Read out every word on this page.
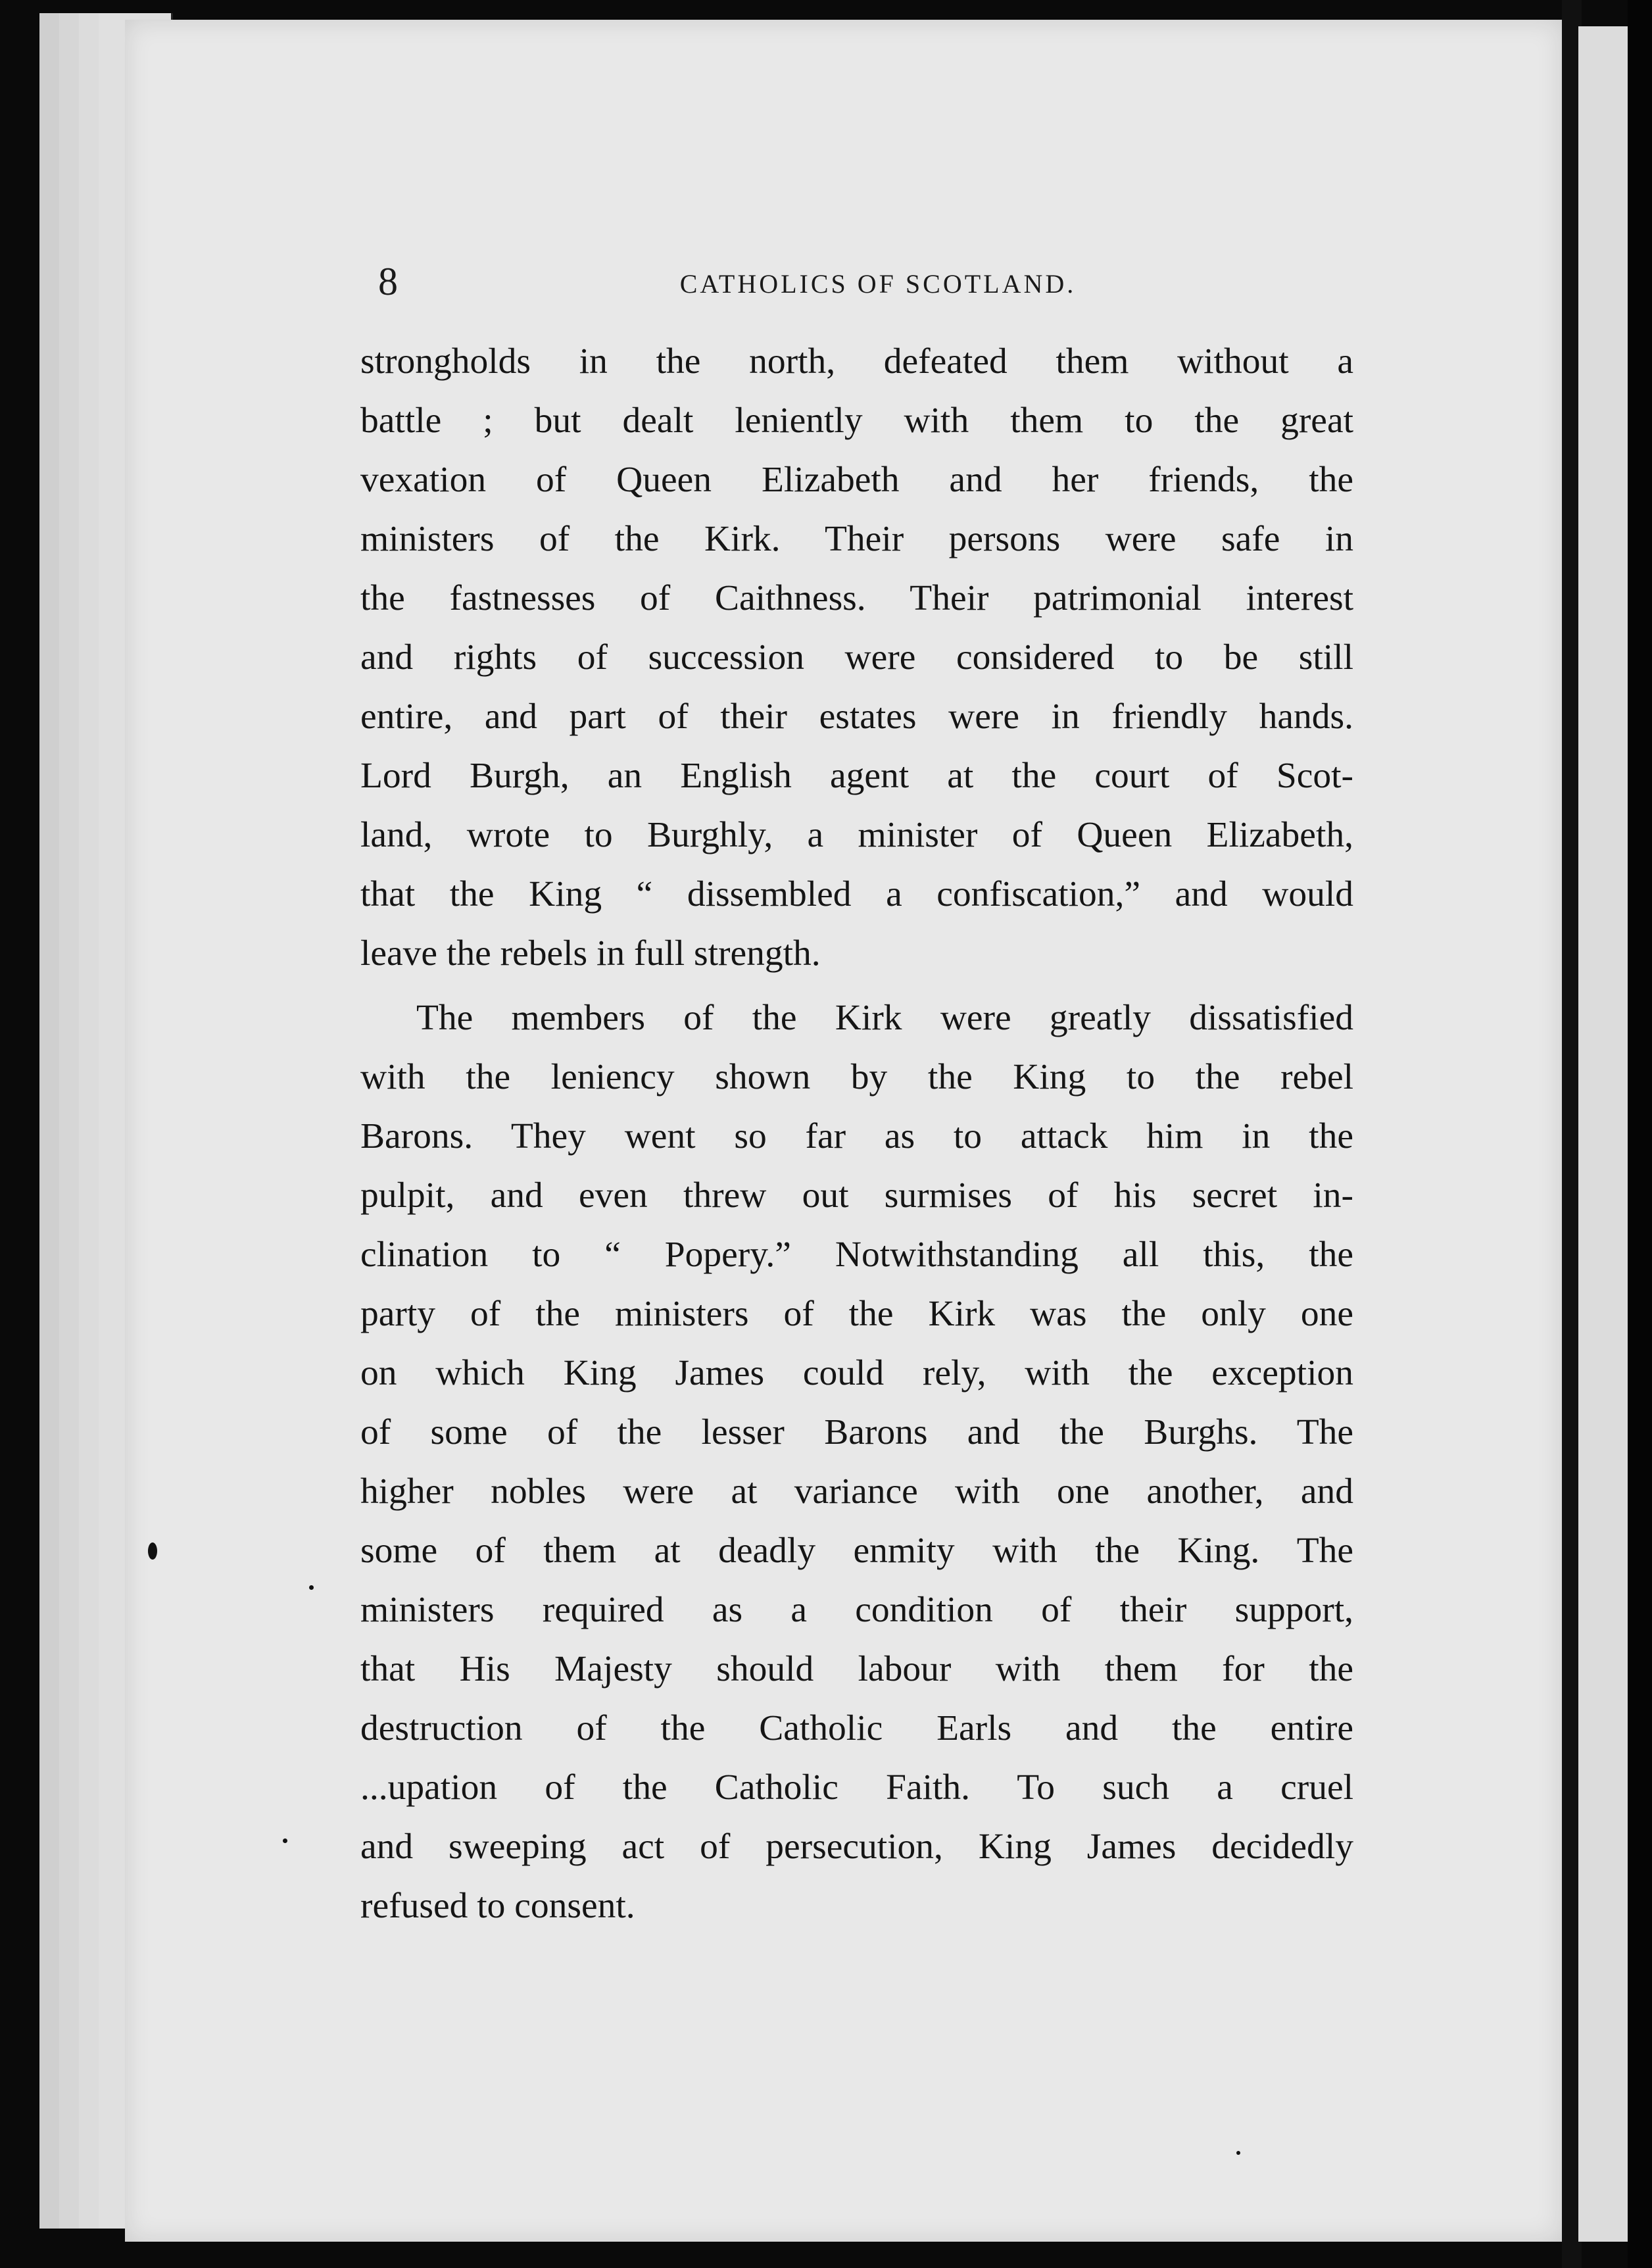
8	CATHOLICS OF SCOTLAND.
strongholds in the north, defeated them without a
battle ; but dealt leniently with them to the great
vexation of Queen Elizabeth and her friends, the
ministers of the Kirk. Their persons were safe in
the fastnesses of Caithness. Their patrimonial interest
and rights of succession were considered to be still
entire, and part of their estates were in friendly hands.
Lord Burgh, an English agent at the court of Scot-
land, wrote to Burghly, a minister of Queen Elizabeth,
that the King “ dissembled a confiscation,” and would
leave the rebels in full strength.
The members of the Kirk were greatly dissatisfied
with the leniency shown by the King to the rebel
Barons. They went so far as to attack him in the
pulpit, and even threw out surmises of his secret in-
clination to “ Popery.” Notwithstanding all this, the
party of the ministers of the Kirk was the only one
on which King James could rely, with the exception
of some of the lesser Barons and the Burghs. The
higher nobles were at variance with one another, and
some of them at deadly enmity with the King. The
ministers required as a condition of their support,
that His Majesty should labour with them for the
destruction of the Catholic Earls and the entire
...upation of the Catholic Faith. To such a cruel
and sweeping act of persecution, King James decidedly
refused to consent.
